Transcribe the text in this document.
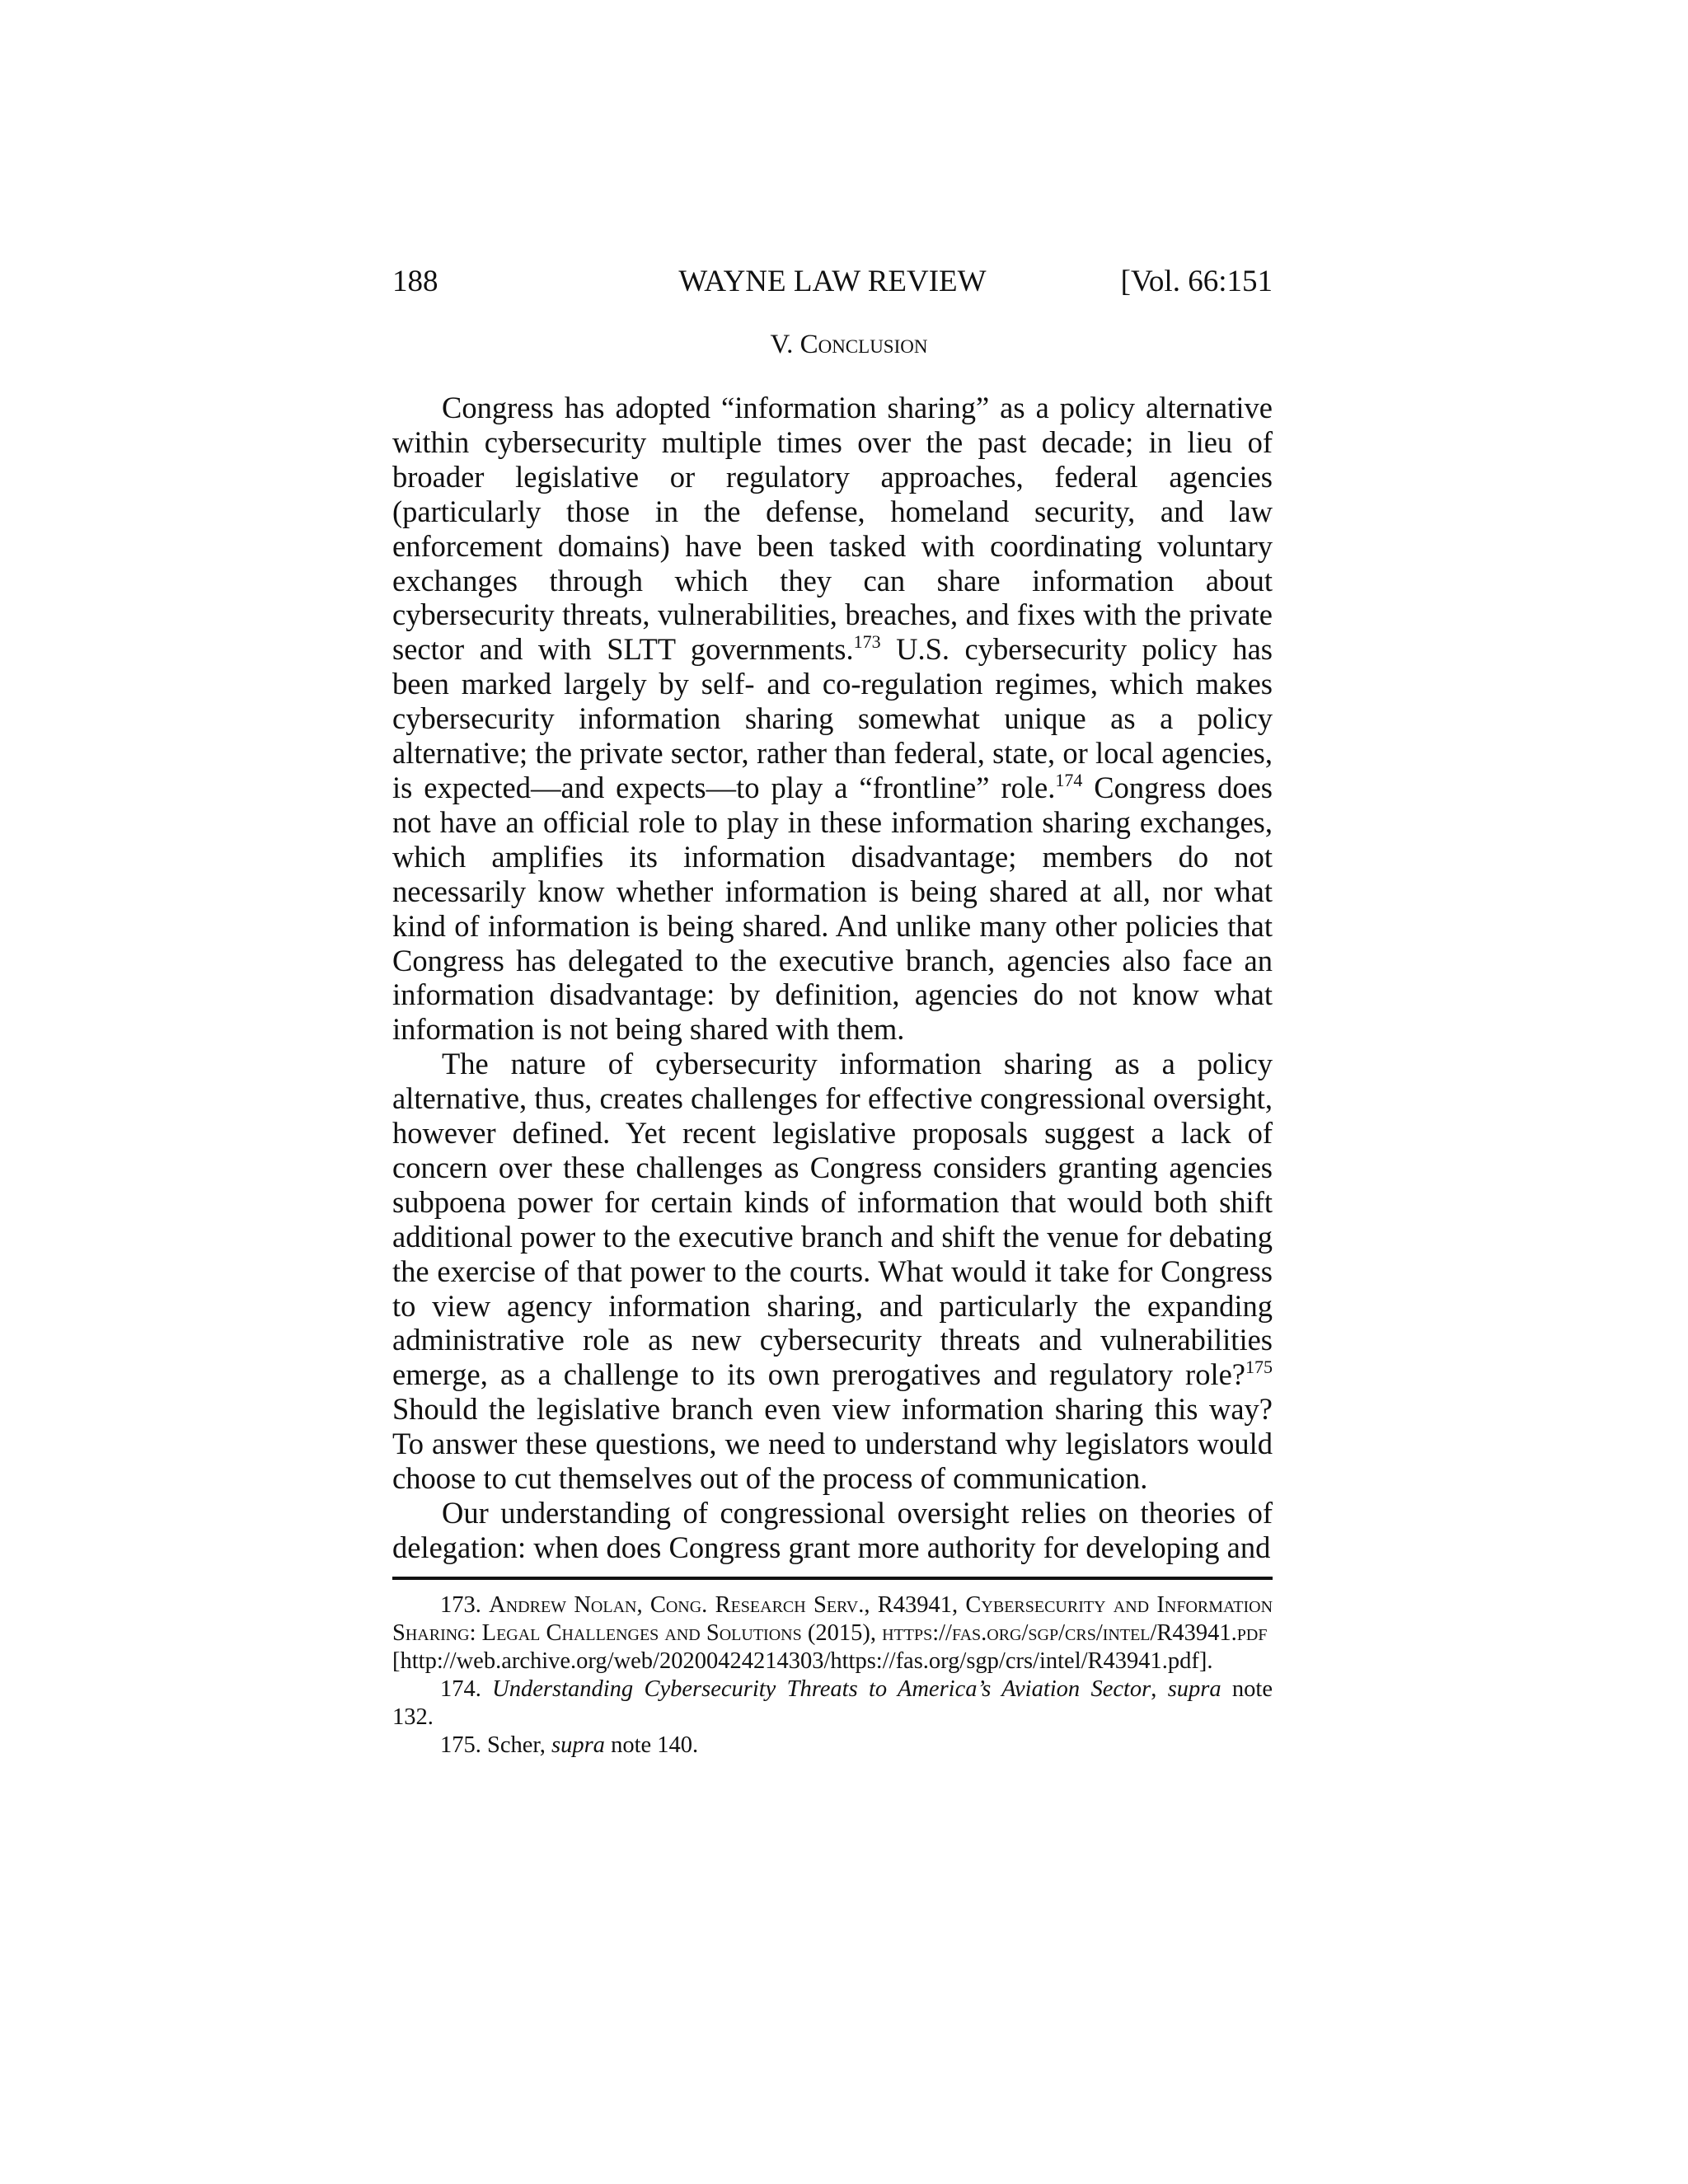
188	WAYNE LAW REVIEW	[Vol. 66:151
V. Conclusion

Congress has adopted “information sharing” as a policy alternative within cybersecurity multiple times over the past decade; in lieu of broader legislative or regulatory approaches, federal agencies (particularly those in the defense, homeland security, and law enforcement domains) have been tasked with coordinating voluntary exchanges through which they can share information about cybersecurity threats, vulnerabilities, breaches, and fixes with the private sector and with SLTT governments.$^{173}$ U.S. cybersecurity policy has been marked largely by self- and co-regulation regimes, which makes cybersecurity information sharing somewhat unique as a policy alternative; the private sector, rather than federal, state, or local agencies, is expected—and expects—to play a “frontline” role.$^{174}$ Congress does not have an official role to play in these information sharing exchanges, which amplifies its information disadvantage; members do not necessarily know whether information is being shared at all, nor what kind of information is being shared. And unlike many other policies that Congress has delegated to the executive branch, agencies also face an information disadvantage: by definition, agencies do not know what information is not being shared with them.

The nature of cybersecurity information sharing as a policy alternative, thus, creates challenges for effective congressional oversight, however defined. Yet recent legislative proposals suggest a lack of concern over these challenges as Congress considers granting agencies subpoena power for certain kinds of information that would both shift additional power to the executive branch and shift the venue for debating the exercise of that power to the courts. What would it take for Congress to view agency information sharing, and particularly the expanding administrative role as new cybersecurity threats and vulnerabilities emerge, as a challenge to its own prerogatives and regulatory role?$^{175}$ Should the legislative branch even view information sharing this way? To answer these questions, we need to understand why legislators would choose to cut themselves out of the process of communication.

Our understanding of congressional oversight relies on theories of delegation: when does Congress grant more authority for developing and

173. Andrew Nolan, Cong. Research Serv., R43941, Cybersecurity and Information Sharing: Legal Challenges and Solutions (2015), https://fas.org/sgp/crs/intel/R43941.pdf
[http://web.archive.org/web/20200424214303/https://fas.org/sgp/crs/intel/R43941.pdf].

174. Understanding Cybersecurity Threats to America’s Aviation Sector, supra note 132.

175. Scher, supra note 140.
